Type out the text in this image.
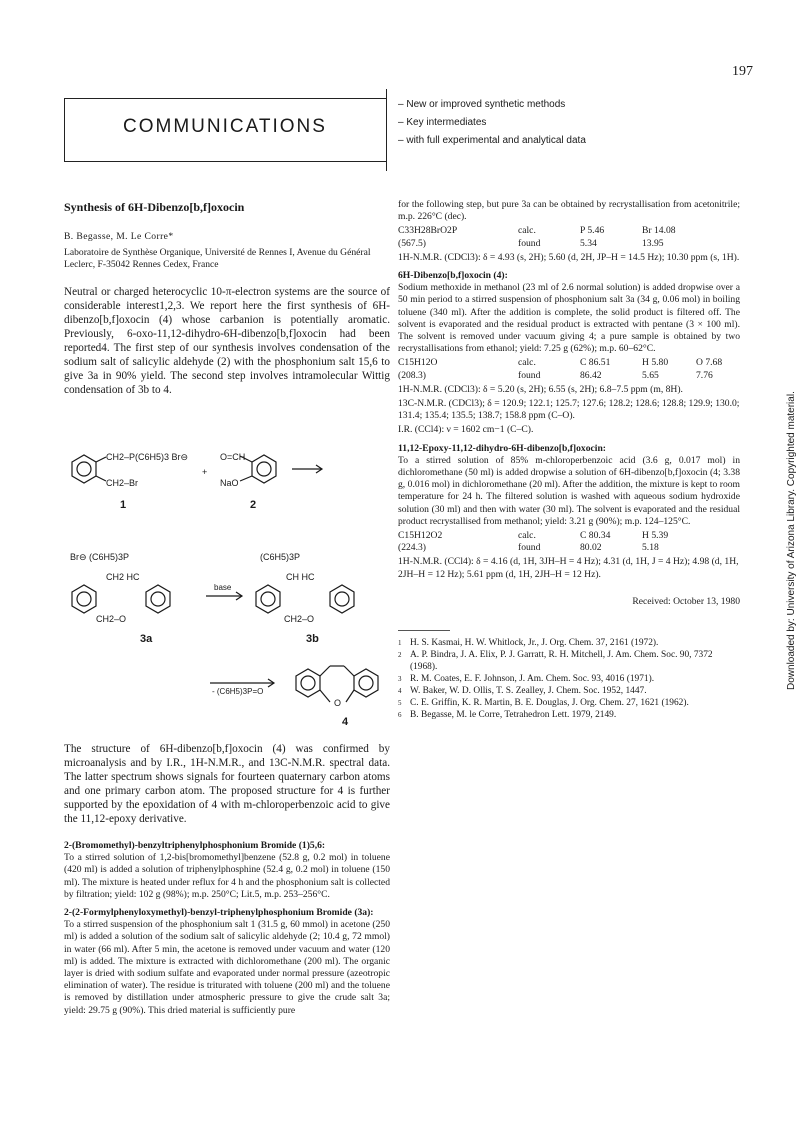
197
COMMUNICATIONS
– New or improved synthetic methods
– Key intermediates
– with full experimental and analytical data
Synthesis of 6H-Dibenzo[b,f]oxocin
B. Begasse, M. Le Corre*
Laboratoire de Synthèse Organique, Université de Rennes I, Avenue du Général Leclerc, F-35042 Rennes Cedex, France
Neutral or charged heterocyclic 10-π-electron systems are the source of considerable interest1,2,3. We report here the first synthesis of 6H-dibenzo[b,f]oxocin (4) whose carbanion is potentially aromatic. Previously, 6-oxo-11,12-dihydro-6H-dibenzo[b,f]oxocin had been reported4. The first step of our synthesis involves condensation of the sodium salt of salicylic aldehyde (2) with the phosphonium salt 15,6 to give 3a in 90% yield. The second step involves intramolecular Wittig condensation of 3b to 4.
CH2–P(C6H5)3 Br⊖
CH2–Br
O=CH
NaO
+
1	2
Br⊖ (C6H5)3P
CH2 HC
CH2–O
(C6H5)3P
CH HC
CH2–O
base
- (C6H5)3P=O
O
3a	3b
4
The structure of 6H-dibenzo[b,f]oxocin (4) was confirmed by microanalysis and by I.R., 1H-N.M.R., and 13C-N.M.R. spectral data. The latter spectrum shows signals for fourteen quaternary carbon atoms and one primary carbon atom. The proposed structure for 4 is further supported by the epoxidation of 4 with m-chloroperbenzoic acid to give the 11,12-epoxy derivative.
2-(Bromomethyl)-benzyltriphenylphosphonium Bromide (1)5,6:
To a stirred solution of 1,2-bis[bromomethyl]benzene (52.8 g, 0.2 mol) in toluene (420 ml) is added a solution of triphenylphosphine (52.4 g, 0.2 mol) in toluene (150 ml). The mixture is heated under reflux for 4 h and the phosphonium salt is collected by filtration; yield: 102 g (98%); m.p. 250°C; Lit.5, m.p. 253–256°C.
2-(2-Formylphenyloxymethyl)-benzyl-triphenylphosphonium Bromide (3a):
To a stirred suspension of the phosphonium salt 1 (31.5 g, 60 mmol) in acetone (250 ml) is added a solution of the sodium salt of salicylic aldehyde (2; 10.4 g, 72 mmol) in water (66 ml). After 5 min, the acetone is removed under vacuum and water (120 ml) is added. The mixture is extracted with dichloromethane (200 ml). The organic layer is dried with sodium sulfate and evaporated under normal pressure (azeotropic elimination of water). The residue is triturated with toluene (200 ml) and the toluene is removed by distillation under atmospheric pressure to give the crude salt 3a; yield: 29.75 g (90%). This dried material is sufficiently pure
for the following step, but pure 3a can be obtained by recrystallisation from acetonitrile; m.p. 226°C (dec).
C33H28BrO2P	calc.	P 5.46	Br 14.08
(567.5)	found	5.34	13.95
1H-N.M.R. (CDCl3): δ = 4.93 (s, 2H); 5.60 (d, 2H, JP–H = 14.5 Hz); 10.30 ppm (s, 1H).
6H-Dibenzo[b,f]oxocin (4):
Sodium methoxide in methanol (23 ml of 2.6 normal solution) is added dropwise over a 50 min period to a stirred suspension of phosphonium salt 3a (34 g, 0.06 mol) in boiling toluene (340 ml). After the addition is complete, the solid product is filtered off. The solvent is evaporated and the residual product is extracted with pentane (3 × 100 ml). The solvent is removed under vacuum giving 4; a pure sample is obtained by two recrystallisations from ethanol; yield: 7.25 g (62%); m.p. 60–62°C.
C15H12O	calc.	C 86.51	H 5.80	O 7.68
(208.3)	found	86.42	5.65	7.76
1H-N.M.R. (CDCl3): δ = 5.20 (s, 2H); 6.55 (s, 2H); 6.8–7.5 ppm (m, 8H).
13C-N.M.R. (CDCl3); δ = 120.9; 122.1; 125.7; 127.6; 128.2; 128.6; 128.8; 129.9; 130.0; 131.4; 135.4; 135.5; 138.7; 158.8 ppm (C–O).
I.R. (CCl4): ν = 1602 cm−1 (C–C).
11,12-Epoxy-11,12-dihydro-6H-dibenzo[b,f]oxocin:
To a stirred solution of 85% m-chloroperbenzoic acid (3.6 g, 0.017 mol) in dichloromethane (50 ml) is added dropwise a solution of 6H-dibenzo[b,f]oxocin (4; 3.38 g, 0.016 mol) in dichloromethane (20 ml). After the addition, the mixture is kept to room temperature for 24 h. The filtered solution is washed with aqueous sodium hydroxide solution (30 ml) and then with water (30 ml). The solvent is evaporated and the residual product recrystallised from methanol; yield: 3.21 g (90%); m.p. 124–125°C.
C15H12O2	calc.	C 80.34	H 5.39
(224.3)	found	80.02	5.18
1H-N.M.R. (CCl4): δ = 4.16 (d, 1H, 3JH–H = 4 Hz); 4.31 (d, 1H, J = 4 Hz); 4.98 (d, 1H, 2JH–H = 12 Hz); 5.61 ppm (d, 1H, 2JH–H = 12 Hz).
Received: October 13, 1980
1 H. S. Kasmai, H. W. Whitlock, Jr., J. Org. Chem. 37, 2161 (1972).
2 A. P. Bindra, J. A. Elix, P. J. Garratt, R. H. Mitchell, J. Am. Chem. Soc. 90, 7372 (1968).
3 R. M. Coates, E. F. Johnson, J. Am. Chem. Soc. 93, 4016 (1971).
4 W. Baker, W. D. Ollis, T. S. Zealley, J. Chem. Soc. 1952, 1447.
5 C. E. Griffin, K. R. Martin, B. E. Douglas, J. Org. Chem. 27, 1621 (1962).
6 B. Begasse, M. le Corre, Tetrahedron Lett. 1979, 2149.
Downloaded by: University of Arizona Library. Copyrighted material.
